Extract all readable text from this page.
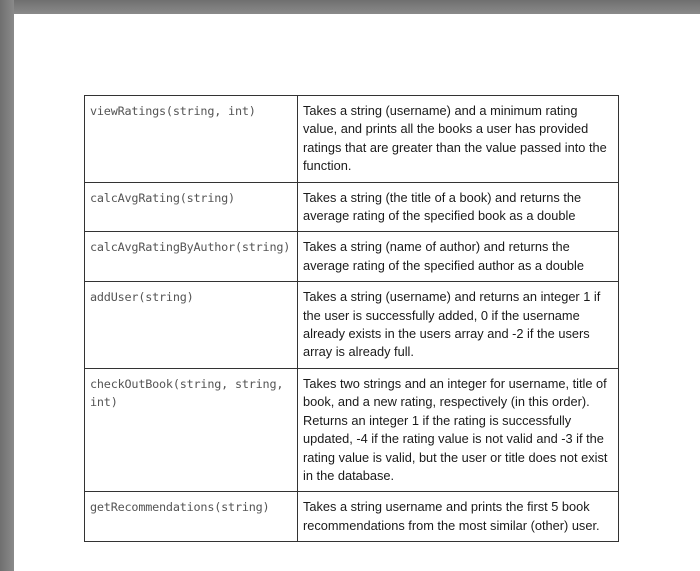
viewRatings(string, int)	Takes a string (username) and a minimum rating value, and prints all the books a user has provided ratings that are greater than the value passed into the function.
calcAvgRating(string)	Takes a string (the title of a book) and returns the average rating of the specified book as a double
calcAvgRatingByAuthor(string)	Takes a string (name of author) and returns the average rating of the specified author as a double
addUser(string)	Takes a string (username) and returns an integer 1 if the user is successfully added, 0 if the username already exists in the users array and -2 if the users array is already full.
checkOutBook(string, string, int)	Takes two strings and an integer for username, title of book, and a new rating, respectively (in this order). Returns an integer 1 if the rating is successfully updated, -4 if the rating value is not valid and -3 if the rating value is valid, but the user or title does not exist in the database.
getRecommendations(string)	Takes a string username and prints the first 5 book recommendations from the most similar (other) user.
